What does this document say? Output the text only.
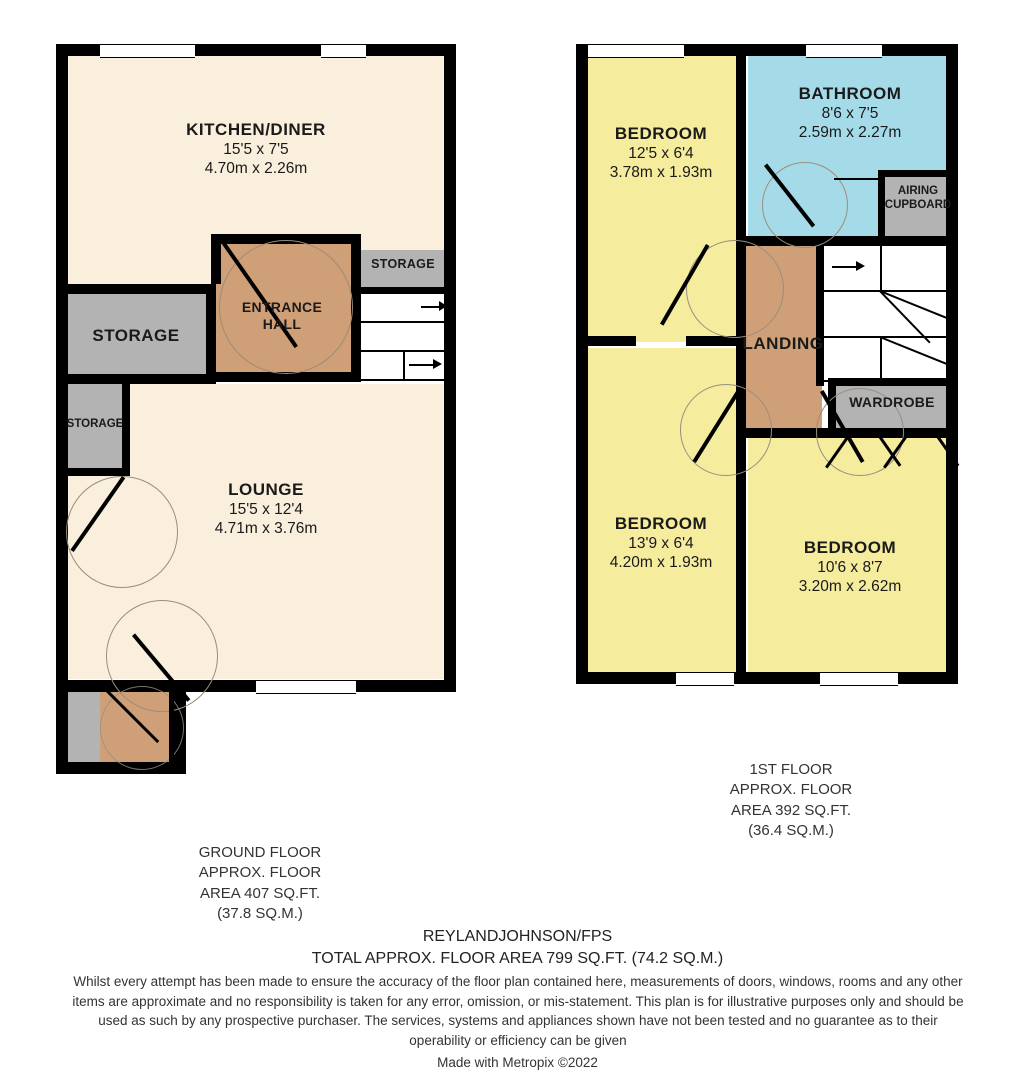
KITCHEN/DINER
15'5 x 7'5
4.70m x 2.26m
LOUNGE
15'5 x 12'4
4.71m x 3.76m
ENTRANCE
HALL
STORAGE
STORAGE
STORAGE
BEDROOM
12'5 x 6'4
3.78m x 1.93m
BATHROOM
8'6 x 7'5
2.59m x 2.27m
BEDROOM
13'9 x 6'4
4.20m x 1.93m
BEDROOM
10'6 x 8'7
3.20m x 2.62m
LANDING
AIRING
CUPBOARD
WARDROBE
1ST FLOOR
APPROX. FLOOR
AREA 392 SQ.FT.
(36.4 SQ.M.)
GROUND FLOOR
APPROX. FLOOR
AREA 407 SQ.FT.
(37.8 SQ.M.)
REYLANDJOHNSON/FPS
TOTAL APPROX. FLOOR AREA 799 SQ.FT. (74.2 SQ.M.)
Whilst every attempt has been made to ensure the accuracy of the floor plan contained here, measurements of doors, windows, rooms and any other items are approximate and no responsibility is taken for any error, omission, or mis-statement. This plan is for illustrative purposes only and should be used as such by any prospective purchaser. The services, systems and appliances shown have not been tested and no guarantee as to their operability or efficiency can be given
Made with Metropix ©2022
